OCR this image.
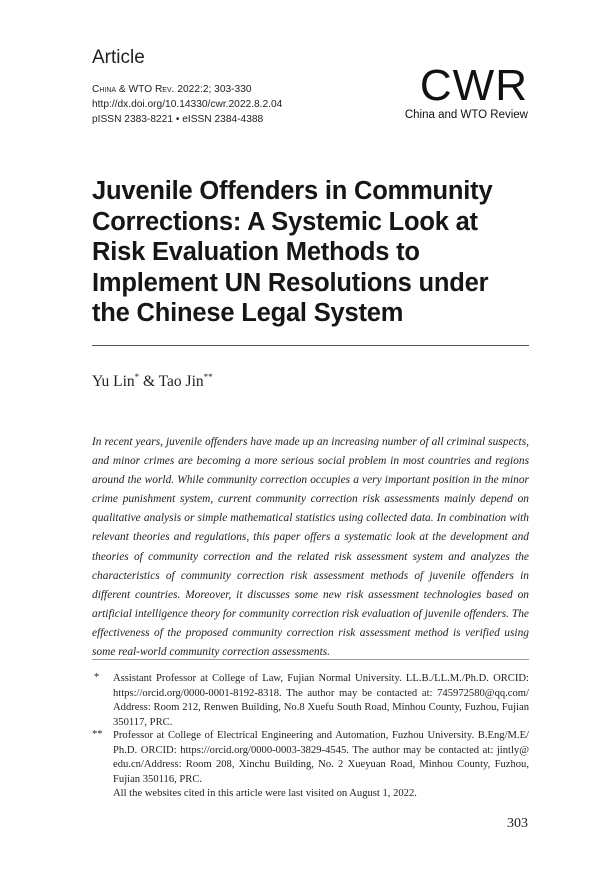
Article
China & WTO Rev. 2022:2; 303-330
http://dx.doi.org/10.14330/cwr.2022.8.2.04
pISSN 2383-8221 • eISSN 2384-4388
CWR
China and WTO Review
Juvenile Offenders in Community Corrections: A Systemic Look at Risk Evaluation Methods to Implement UN Resolutions under the Chinese Legal System
Yu Lin* & Tao Jin**
In recent years, juvenile offenders have made up an increasing number of all criminal suspects, and minor crimes are becoming a more serious social problem in most countries and regions around the world. While community correction occupies a very important position in the minor crime punishment system, current community correction risk assessments mainly depend on qualitative analysis or simple mathematical statistics using collected data. In combination with relevant theories and regulations, this paper offers a systematic look at the development and theories of community correction and the related risk assessment system and analyzes the characteristics of community correction risk assessment methods of juvenile offenders in different countries. Moreover, it discusses some new risk assessment technologies based on artificial intelligence theory for community correction risk evaluation of juvenile offenders. The effectiveness of the proposed community correction risk assessment method is verified using some real-world community correction assessments.
* Assistant Professor at College of Law, Fujian Normal University. LL.B./LL.M./Ph.D. ORCID: https://orcid.org/0000-0001-8192-8318. The author may be contacted at: 745972580@qq.com/ Address: Room 212, Renwen Building, No.8 Xuefu South Road, Minhou County, Fuzhou, Fujian 350117, PRC.
** Professor at College of Electrical Engineering and Automation, Fuzhou University. B.Eng/M.E/ Ph.D. ORCID: https://orcid.org/0000-0003-3829-4545. The author may be contacted at: jintly@ edu.cn/Address: Room 208, Xinchu Building, No. 2 Xueyuan Road, Minhou County, Fuzhou, Fujian 350116, PRC.
All the websites cited in this article were last visited on August 1, 2022.
303
